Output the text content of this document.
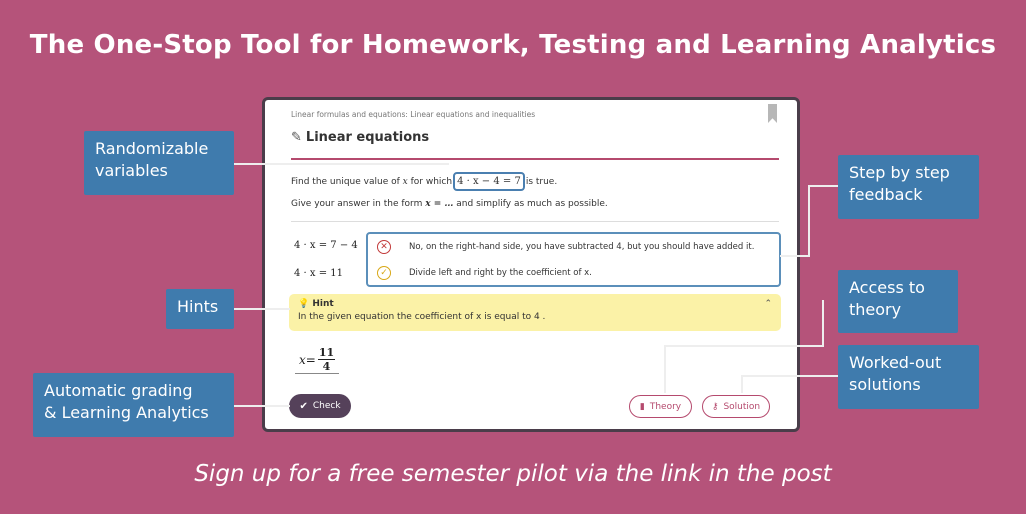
The One-Stop Tool for Homework, Testing and Learning Analytics
Linear formulas and equations: Linear equations and inequalities
✎ Linear equations
Find the unique value of x for which 4 · x − 4 = 7 is true.
Give your answer in the form x = … and simplify as much as possible.
4 · x = 7 − 4
4 · x = 11
✕	No, on the right-hand side, you have subtracted 4, but you should have added it.
✓	Divide left and right by the coefficient of x.
💡 Hint
In the given equation the coefficient of x is equal to 4 .
⌃
$x= \frac{11}{4}$
✔ Check	▮ Theory	⚷ Solution
Randomizable
variables
Hints
Automatic grading
& Learning Analytics
Step by step
feedback
Access to
theory
Worked-out
solutions
Sign up for a free semester pilot via the link in the post
